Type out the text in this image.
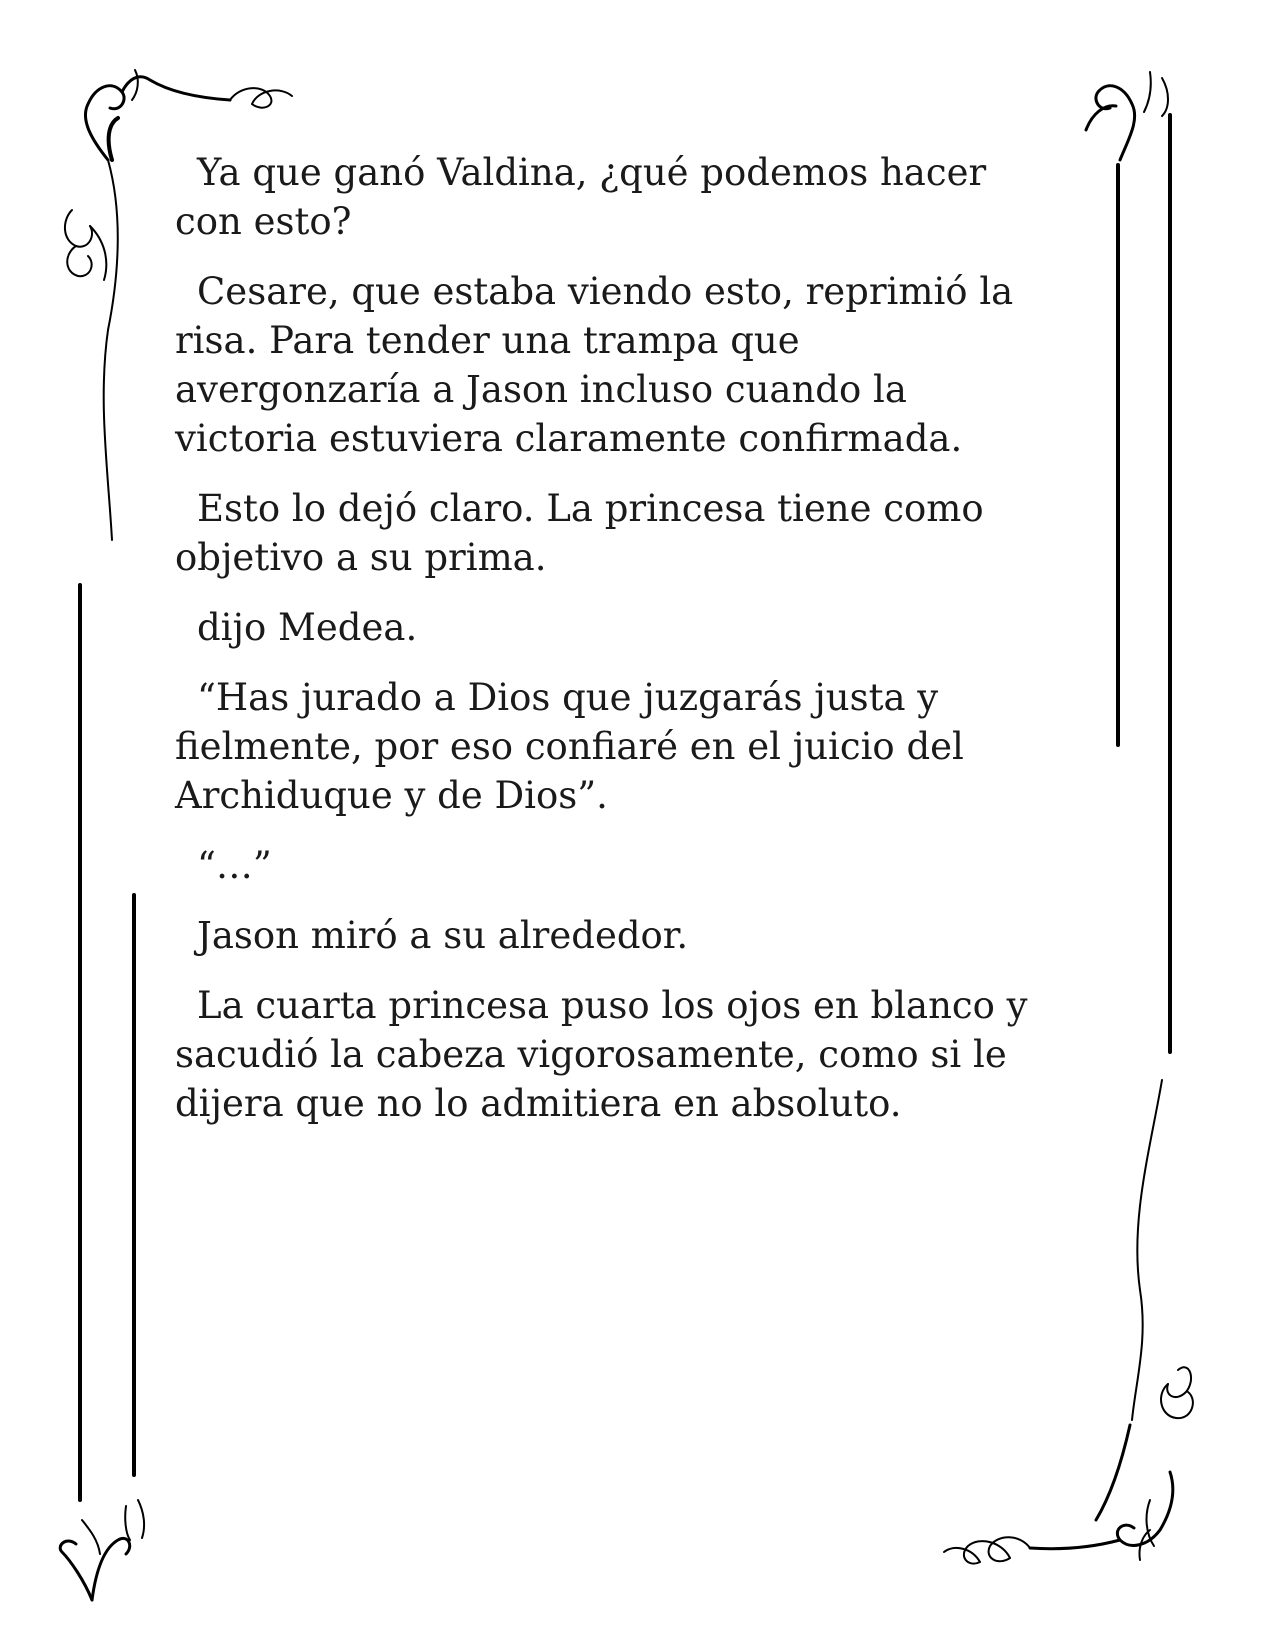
Ya que ganó Valdina, ¿qué podemos hacer con esto?

Cesare, que estaba viendo esto, reprimió la risa. Para tender una trampa que avergonzaría a Jason incluso cuando la victoria estuviera claramente confirmada.

Esto lo dejó claro. La princesa tiene como objetivo a su prima.

dijo Medea.

“Has jurado a Dios que juzgarás justa y fielmente, por eso confiaré en el juicio del Archiduque y de Dios”.

“…”

Jason miró a su alrededor.

La cuarta princesa puso los ojos en blanco y sacudió la cabeza vigorosamente, como si le dijera que no lo admitiera en absoluto.
